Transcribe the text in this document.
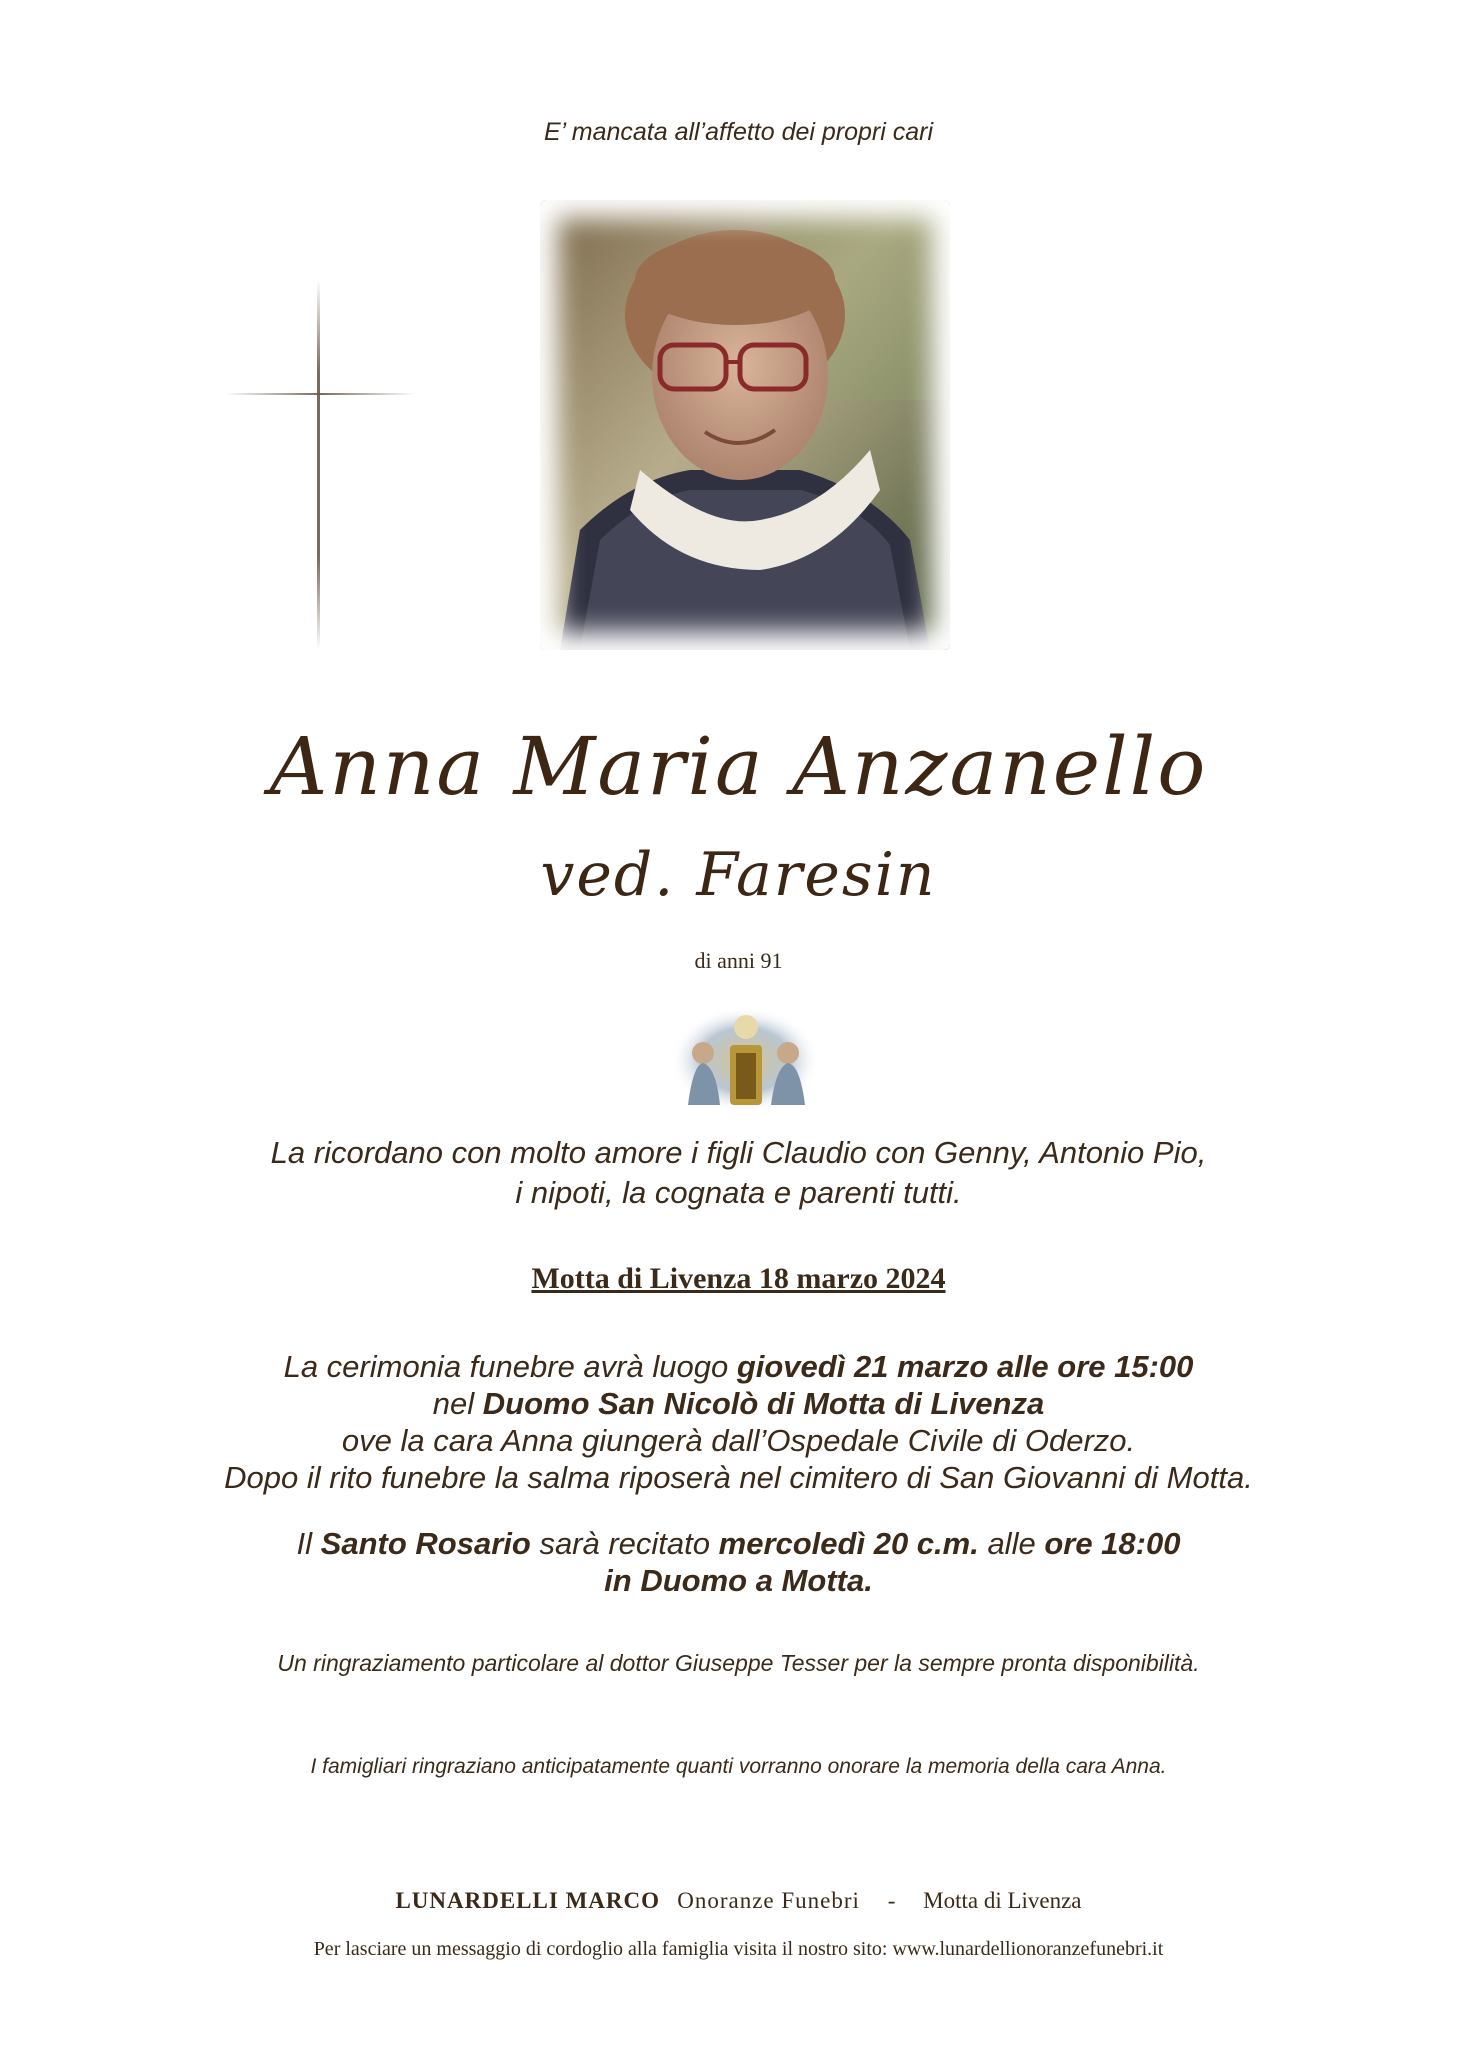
E’ mancata all’affetto dei propri cari
Anna Maria Anzanello
ved. Faresin
di anni 91
La ricordano con molto amore i figli Claudio con Genny, Antonio Pio,
i nipoti, la cognata e parenti tutti.
Motta di Livenza 18 marzo 2024
La cerimonia funebre avrà luogo giovedì 21 marzo alle ore 15:00
nel Duomo San Nicolò di Motta di Livenza
ove la cara Anna giungerà dall’Ospedale Civile di Oderzo.
Dopo il rito funebre la salma riposerà nel cimitero di San Giovanni di Motta.
Il Santo Rosario sarà recitato mercoledì 20 c.m. alle ore 18:00
in Duomo a Motta.
Un ringraziamento particolare al dottor Giuseppe Tesser per la sempre pronta disponibilità.
I famigliari ringraziano anticipatamente quanti vorranno onorare la memoria della cara Anna.
LUNARDELLI MARCO Onoranze Funebri - Motta di Livenza
Per lasciare un messaggio di cordoglio alla famiglia visita il nostro sito: www.lunardellionoranzefunebri.it
